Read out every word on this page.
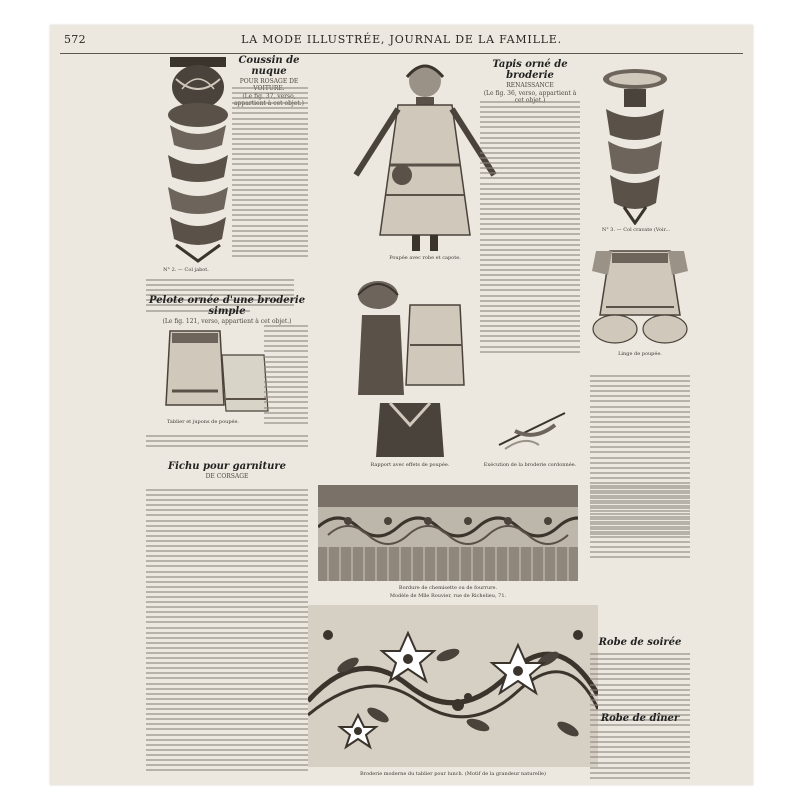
572	LA MODE ILLUSTRÉE, JOURNAL DE LA FAMILLE.
N° 2. — Col jabot.
Coussin de nuque
POUR ROSAGE DE
Poupée avec robe et capote.
Tapis orné de broderie
RENAISSANCE
(Le fig. 36, verso, appartient à
N° 3. — Col cravate (Voir...
Linge de poupée.
Pelote ornée d'une broderie simple
(Le fig. 121, verso, appartient à cet objet.)
Tablier et jupons de poupée.
Rapport avec effets de poupée.	Exécution de la broderie cordonnée.
Fichu pour garniture
DE CORSAGE
Bordure de chemisette ou de fourrure.
Modèle de Mlle Rouvier, rue de Richelieu, 71.
Broderie moderne du tablier pour lunch. (Motif de la grandeur naturelle)
Robe de soirée
Robe de dîner
